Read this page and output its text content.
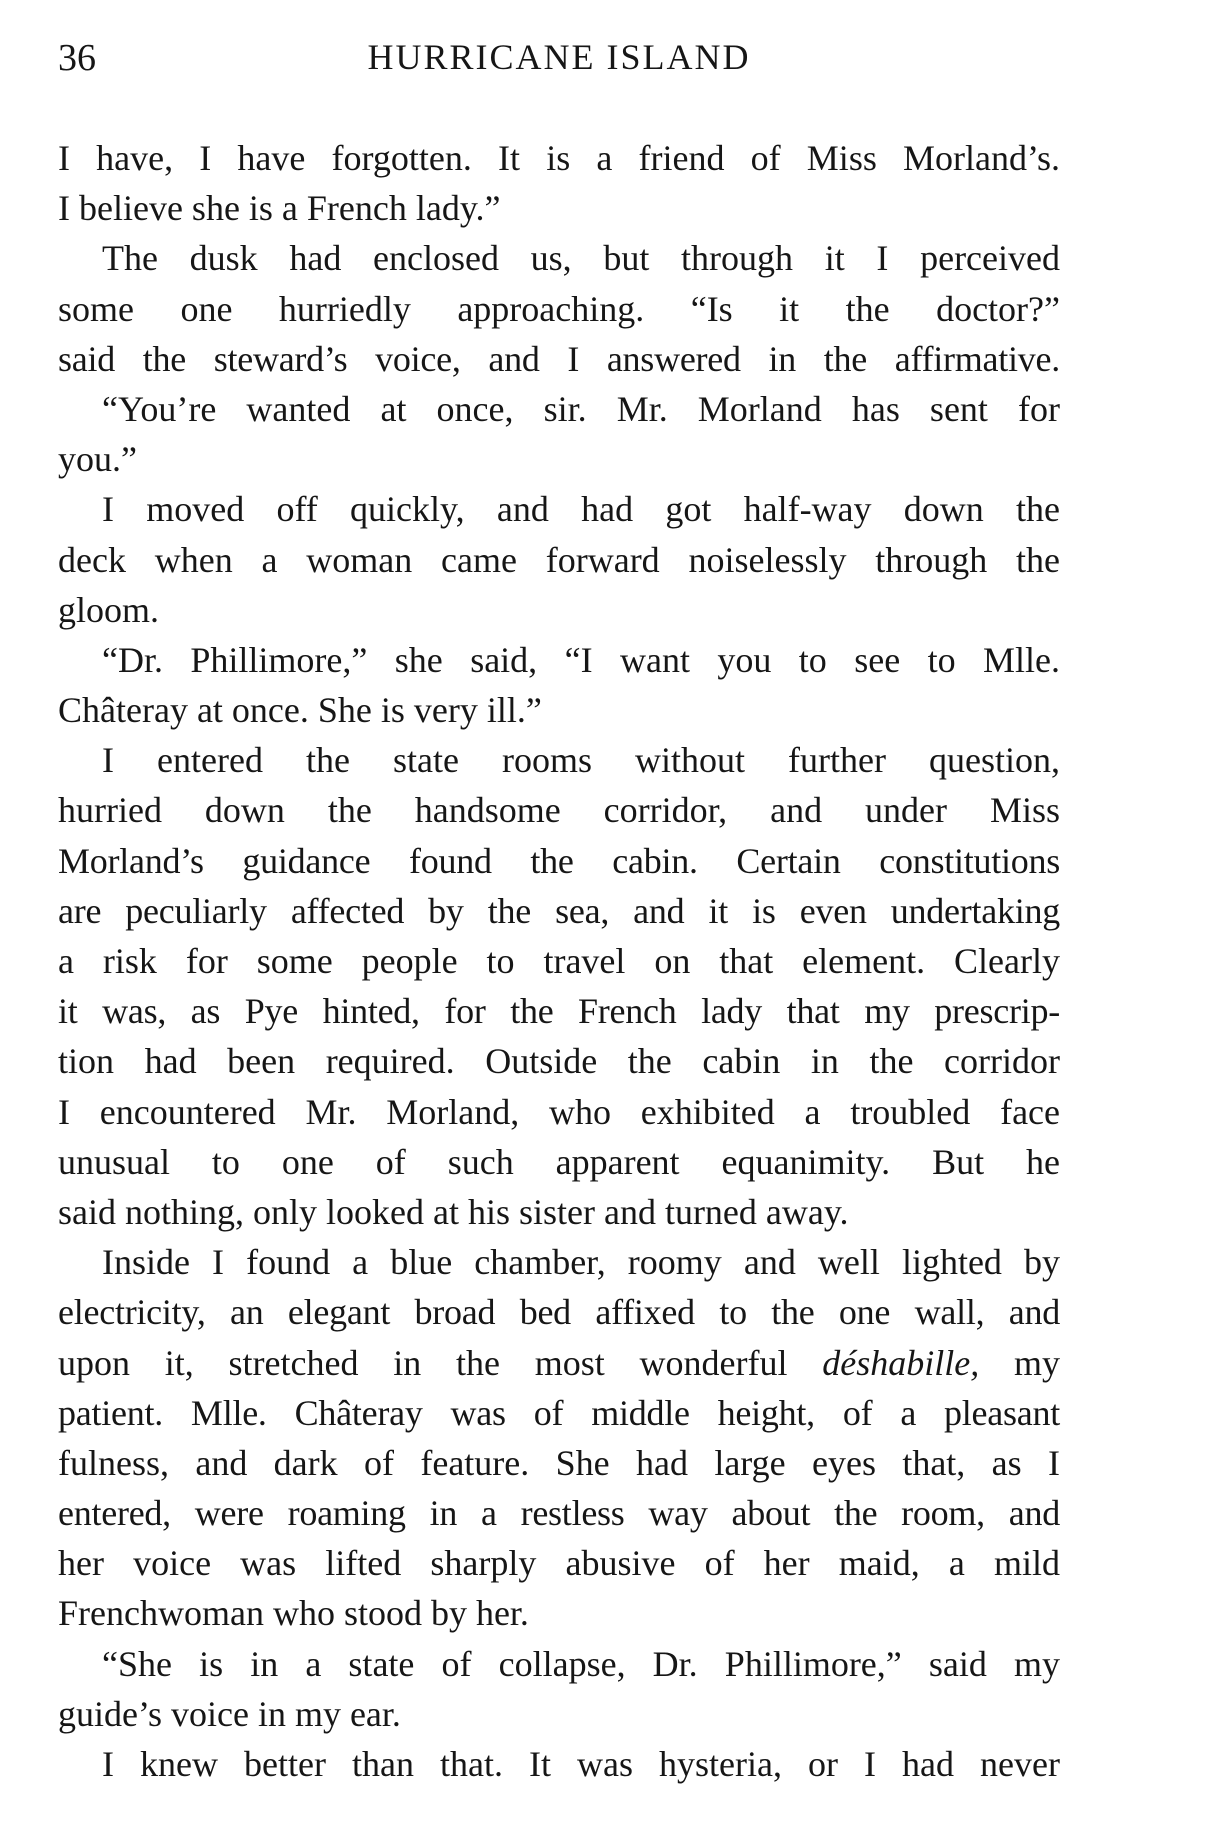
36	HURRICANE ISLAND
I have, I have forgotten. It is a friend of Miss Morland’s.
I believe she is a French lady.”
The dusk had enclosed us, but through it I perceived
some one hurriedly approaching. “Is it the doctor?”
said the steward’s voice, and I answered in the affirmative.
“You’re wanted at once, sir. Mr. Morland has sent for
you.”
I moved off quickly, and had got half-way down the
deck when a woman came forward noiselessly through the
gloom.
“Dr. Phillimore,” she said, “I want you to see to Mlle.
Châteray at once. She is very ill.”
I entered the state rooms without further question,
hurried down the handsome corridor, and under Miss
Morland’s guidance found the cabin. Certain constitutions
are peculiarly affected by the sea, and it is even undertaking
a risk for some people to travel on that element. Clearly
it was, as Pye hinted, for the French lady that my prescrip-
tion had been required. Outside the cabin in the corridor
I encountered Mr. Morland, who exhibited a troubled face
unusual to one of such apparent equanimity. But he
said nothing, only looked at his sister and turned away.
Inside I found a blue chamber, roomy and well lighted by
electricity, an elegant broad bed affixed to the one wall, and
upon it, stretched in the most wonderful déshabille, my
patient. Mlle. Châteray was of middle height, of a pleasant
fulness, and dark of feature. She had large eyes that, as I
entered, were roaming in a restless way about the room, and
her voice was lifted sharply abusive of her maid, a mild
Frenchwoman who stood by her.
“She is in a state of collapse, Dr. Phillimore,” said my
guide’s voice in my ear.
I knew better than that. It was hysteria, or I had never
